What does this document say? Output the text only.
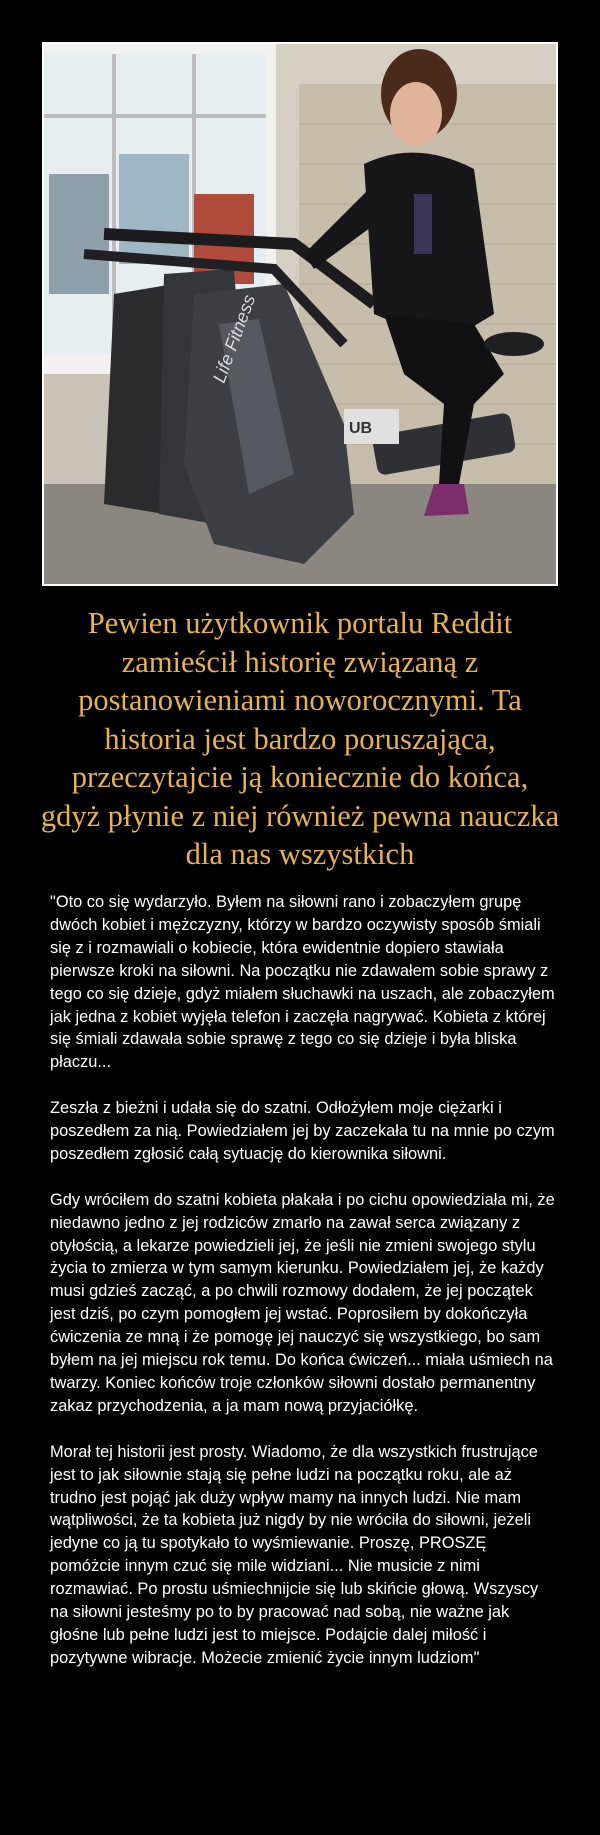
Life Fitness
UB
Pewien użytkownik portalu Reddit zamieścił historię związaną z postanowieniami noworocznymi. Ta historia jest bardzo poruszająca, przeczytajcie ją koniecznie do końca, gdyż płynie z niej również pewna nauczka dla nas wszystkich

"Oto co się wydarzyło. Byłem na siłowni rano i zobaczyłem grupę dwóch kobiet i mężczyzny, którzy w bardzo oczywisty sposób śmiali się z i rozmawiali o kobiecie, która ewidentnie dopiero stawiała pierwsze kroki na siłowni. Na początku nie zdawałem sobie sprawy z tego co się dzieje, gdyż miałem słuchawki na uszach, ale zobaczyłem jak jedna z kobiet wyjęła telefon i zaczęła nagrywać. Kobieta z której się śmiali zdawała sobie sprawę z tego co się dzieje i była bliska płaczu...

Zeszła z bieżni i udała się do szatni. Odłożyłem moje ciężarki i poszedłem za nią. Powiedziałem jej by zaczekała tu na mnie po czym poszedłem zgłosić całą sytuację do kierownika siłowni.

Gdy wróciłem do szatni kobieta płakała i po cichu opowiedziała mi, że niedawno jedno z jej rodziców zmarło na zawał serca związany z otyłością, a lekarze powiedzieli jej, że jeśli nie zmieni swojego stylu życia to zmierza w tym samym kierunku. Powiedziałem jej, że każdy musi gdzieś zacząć, a po chwili rozmowy dodałem, że jej początek jest dziś, po czym pomogłem jej wstać. Poprosiłem by dokończyła ćwiczenia ze mną i że pomogę jej nauczyć się wszystkiego, bo sam byłem na jej miejscu rok temu. Do końca ćwiczeń... miała uśmiech na twarzy. Koniec końców troje członków siłowni dostało permanentny zakaz przychodzenia, a ja mam nową przyjaciółkę.

Morał tej historii jest prosty. Wiadomo, że dla wszystkich frustrujące jest to jak siłownie stają się pełne ludzi na początku roku, ale aż trudno jest pojąć jak duży wpływ mamy na innych ludzi. Nie mam wątpliwości, że ta kobieta już nigdy by nie wróciła do siłowni, jeżeli jedyne co ją tu spotykało to wyśmiewanie. Proszę, PROSZĘ pomóżcie innym czuć się mile widziani... Nie musicie z nimi rozmawiać. Po prostu uśmiechnijcie się lub skińcie głową. Wszyscy na siłowni jesteśmy po to by pracować nad sobą, nie ważne jak głośne lub pełne ludzi jest to miejsce. Podajcie dalej miłość i pozytywne wibracje. Możecie zmienić życie innym ludziom"
